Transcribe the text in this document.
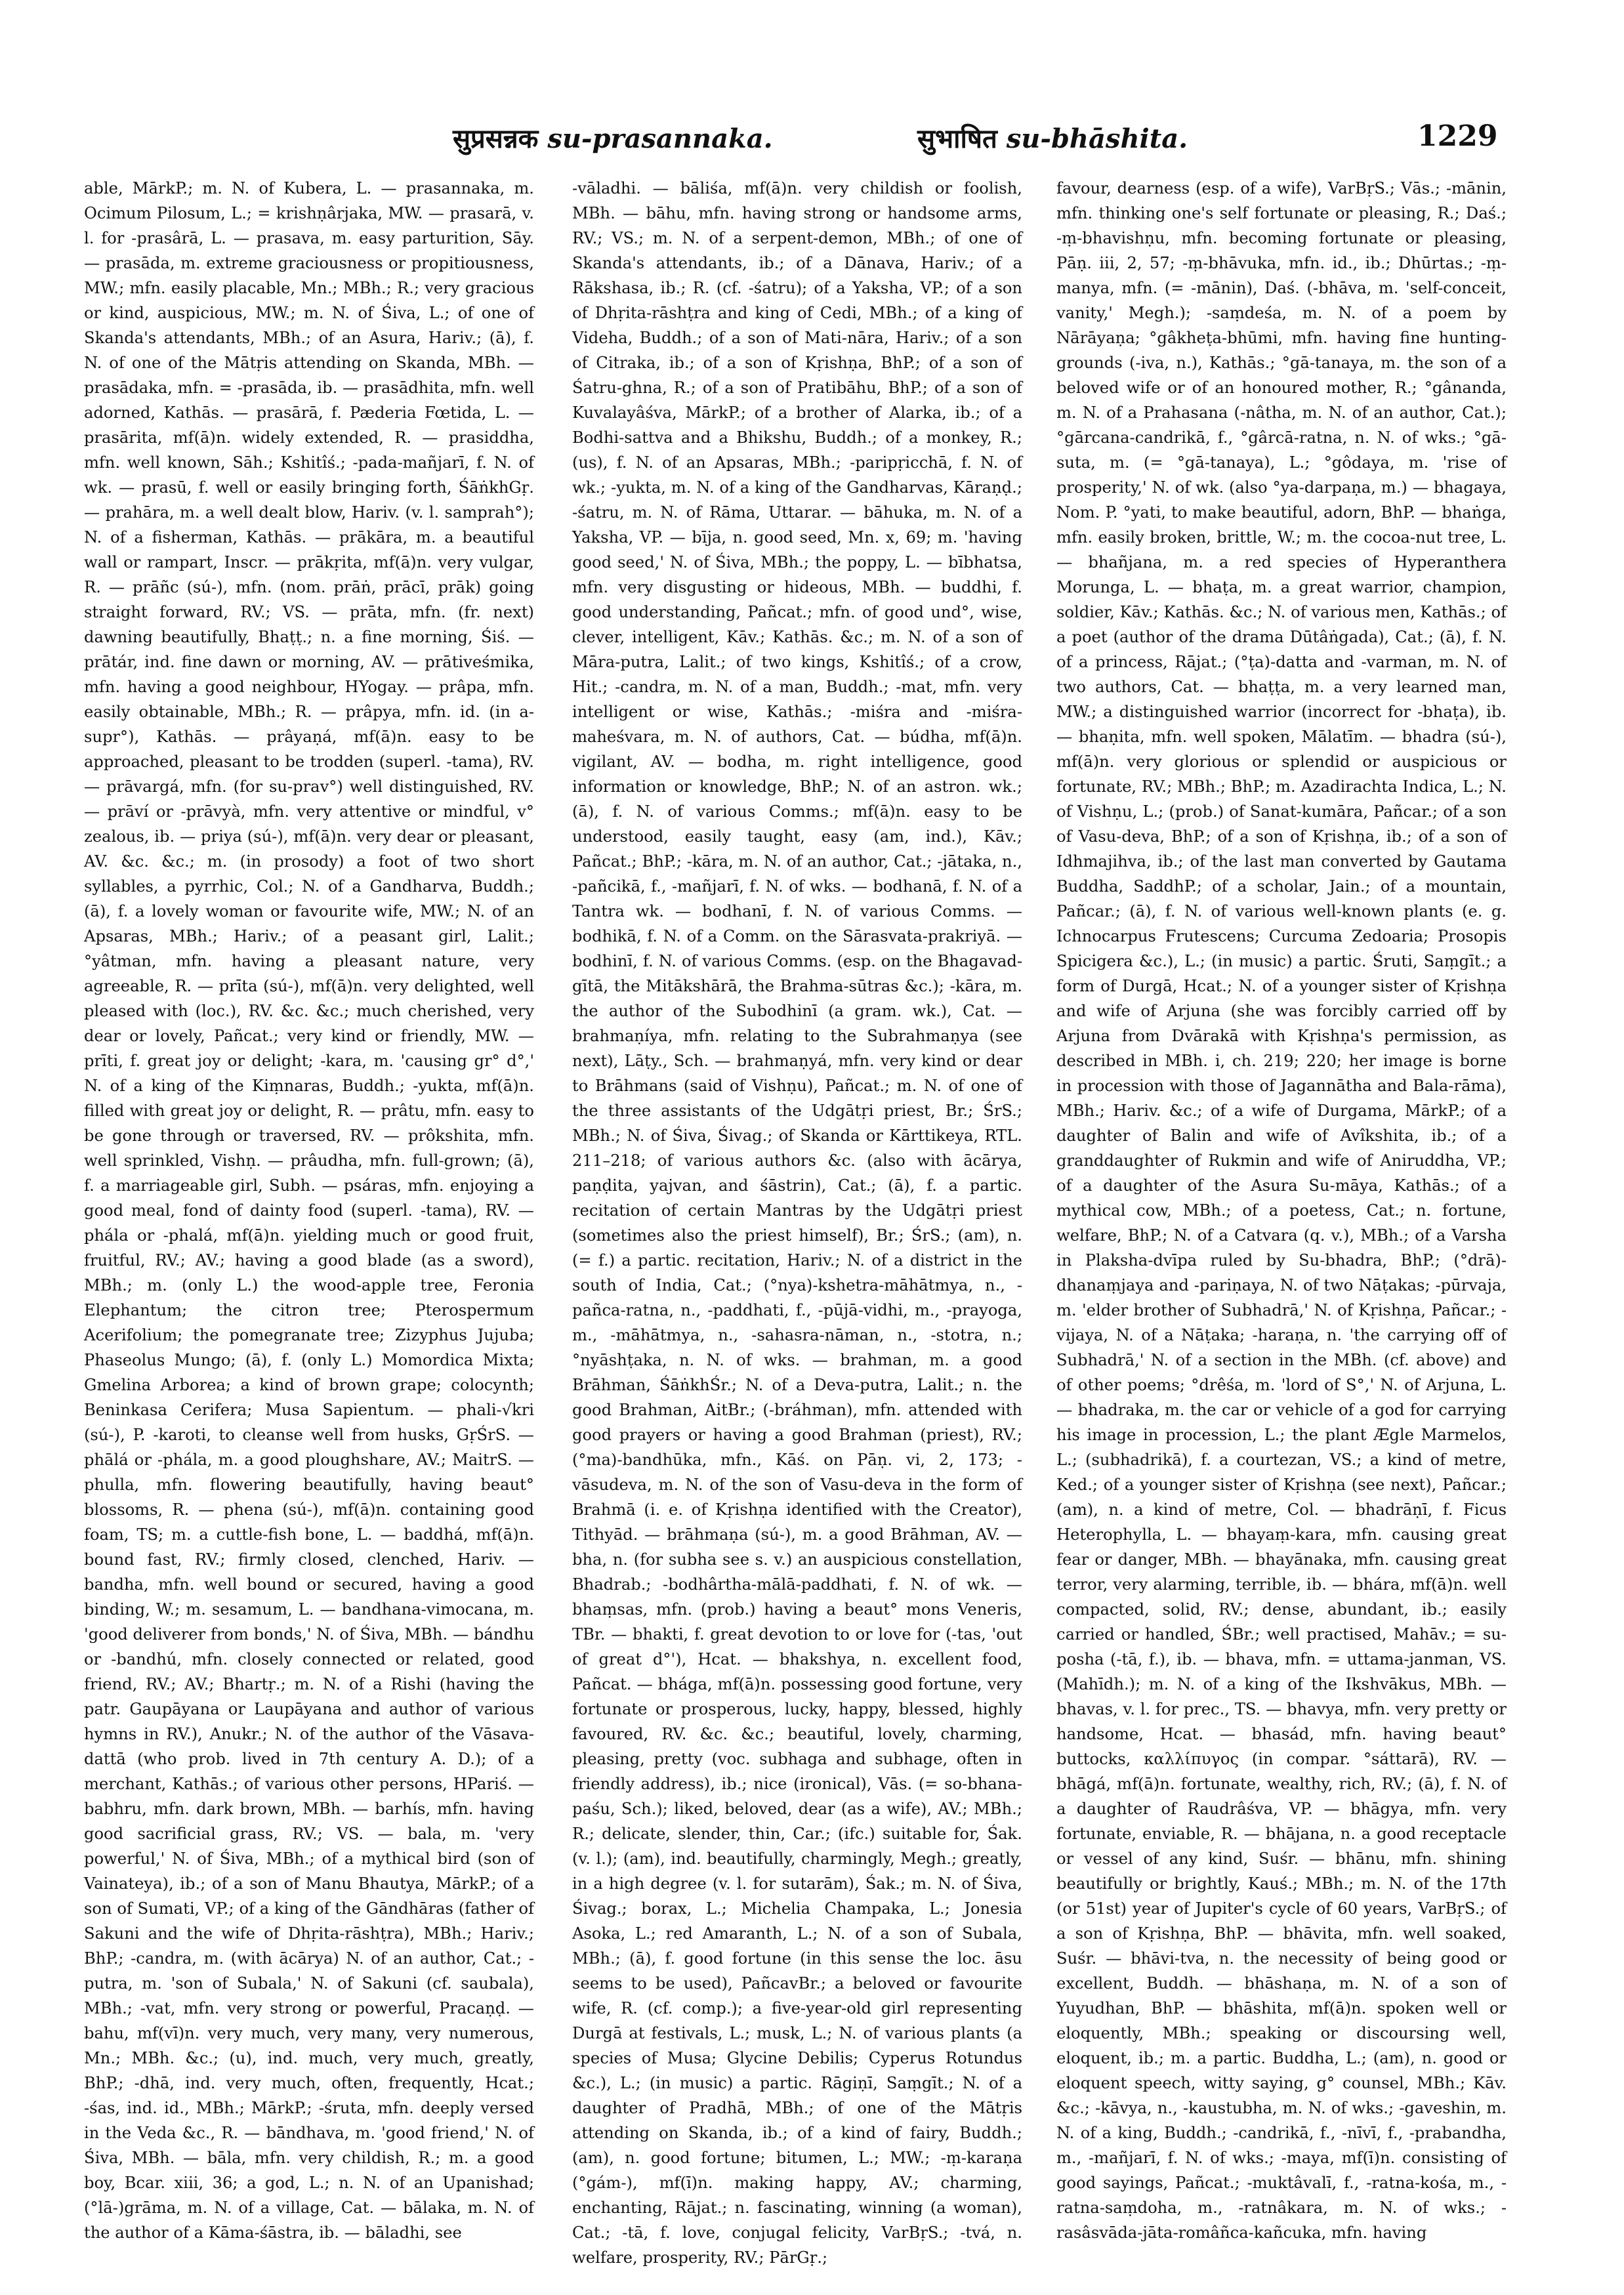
सुप्रसन्नक su-prasannaka.	सुभाषित su-bhāshita.	1229

able, MārkP.; m. N. of Kubera, L. — prasannaka, m. Ocimum Pilosum, L.; = krishṇârjaka, MW. — prasarā, v. l. for -prasârā, L. — prasava, m. easy parturition, Sāy. — prasāda, m. extreme graciousness or propitiousness, MW.; mfn. easily placable, Mn.; MBh.; R.; very gracious or kind, auspicious, MW.; m. N. of Śiva, L.; of one of Skanda's attendants, MBh.; of an Asura, Hariv.; (ā), f. N. of one of the Mātṛis attending on Skanda, MBh. — prasādaka, mfn. = -prasāda, ib. — prasādhita, mfn. well adorned, Kathās. — prasārā, f. Pæderia Fœtida, L. — prasārita, mf(ā)n. widely extended, R. — prasiddha, mfn. well known, Sāh.; Kshitîś.; -pada-mañjarī, f. N. of wk. — prasū, f. well or easily bringing forth, ŚāṅkhGṛ. — prahāra, m. a well dealt blow, Hariv. (v. l. samprah°); N. of a fisherman, Kathās. — prākāra, m. a beautiful wall or rampart, Inscr. — prākṛita, mf(ā)n. very vulgar, R. — prāñc (sú-), mfn. (nom. prāṅ, prācī, prāk) going straight forward, RV.; VS. — prāta, mfn. (fr. next) dawning beautifully, Bhaṭṭ.; n. a fine morning, Śiś. — prātár, ind. fine dawn or morning, AV. — prātiveśmika, mfn. having a good neighbour, HYogay. — prâpa, mfn. easily obtainable, MBh.; R. — prâpya, mfn. id. (in a-supr°), Kathās. — prâyaṇá, mf(ā)n. easy to be approached, pleasant to be trodden (superl. -tama), RV. — prāvargá, mfn. (for su-prav°) well distinguished, RV. — prāví or -prāvyà, mfn. very attentive or mindful, v° zealous, ib. — priya (sú-), mf(ā)n. very dear or pleasant, AV. &c. &c.; m. (in prosody) a foot of two short syllables, a pyrrhic, Col.; N. of a Gandharva, Buddh.; (ā), f. a lovely woman or favourite wife, MW.; N. of an Apsaras, MBh.; Hariv.; of a peasant girl, Lalit.; °yâtman, mfn. having a pleasant nature, very agreeable, R. — prīta (sú-), mf(ā)n. very delighted, well pleased with (loc.), RV. &c. &c.; much cherished, very dear or lovely, Pañcat.; very kind or friendly, MW. — prīti, f. great joy or delight; -kara, m. 'causing gr° d°,' N. of a king of the Kiṃnaras, Buddh.; -yukta, mf(ā)n. filled with great joy or delight, R. — prâtu, mfn. easy to be gone through or traversed, RV. — prôkshita, mfn. well sprinkled, Vishṇ. — prâudha, mfn. full-grown; (ā), f. a marriageable girl, Subh. — psáras, mfn. enjoying a good meal, fond of dainty food (superl. -tama), RV. — phála or -phalá, mf(ā)n. yielding much or good fruit, fruitful, RV.; AV.; having a good blade (as a sword), MBh.; m. (only L.) the wood-apple tree, Feronia Elephantum; the citron tree; Pterospermum Acerifolium; the pomegranate tree; Zizyphus Jujuba; Phaseolus Mungo; (ā), f. (only L.) Momordica Mixta; Gmelina Arborea; a kind of brown grape; colocynth; Beninkasa Cerifera; Musa Sapientum. — phali-√kri (sú-), P. -karoti, to cleanse well from husks, GṛŚrS. — phālá or -phála, m. a good ploughshare, AV.; MaitrS. — phulla, mfn. flowering beautifully, having beaut° blossoms, R. — phena (sú-), mf(ā)n. containing good foam, TS; m. a cuttle-fish bone, L. — baddhá, mf(ā)n. bound fast, RV.; firmly closed, clenched, Hariv. — bandha, mfn. well bound or secured, having a good binding, W.; m. sesamum, L. — bandhana-vimocana, m. 'good deliverer from bonds,' N. of Śiva, MBh. — bándhu or -bandhú, mfn. closely connected or related, good friend, RV.; AV.; Bhartṛ.; m. N. of a Rishi (having the patr. Gaupāyana or Laupāyana and author of various hymns in RV.), Anukr.; N. of the author of the Vāsava-dattā (who prob. lived in 7th century A. D.); of a merchant, Kathās.; of various other persons, HPariś. — babhru, mfn. dark brown, MBh. — barhís, mfn. having good sacrificial grass, RV.; VS. — bala, m. 'very powerful,' N. of Śiva, MBh.; of a mythical bird (son of Vainateya), ib.; of a son of Manu Bhautya, MārkP.; of a son of Sumati, VP.; of a king of the Gāndhāras (father of Sakuni and the wife of Dhṛita-rāshṭra), MBh.; Hariv.; BhP.; -candra, m. (with ācārya) N. of an author, Cat.; -putra, m. 'son of Subala,' N. of Sakuni (cf. saubala), MBh.; -vat, mfn. very strong or powerful, Pracaṇḍ. — bahu, mf(vī)n. very much, very many, very numerous, Mn.; MBh. &c.; (u), ind. much, very much, greatly, BhP.; -dhā, ind. very much, often, frequently, Hcat.; -śas, ind. id., MBh.; MārkP.; -śruta, mfn. deeply versed in the Veda &c., R. — bāndhava, m. 'good friend,' N. of Śiva, MBh. — bāla, mfn. very childish, R.; m. a good boy, Bcar. xiii, 36; a god, L.; n. N. of an Upanishad; (°lā-)grāma, m. N. of a village, Cat. — bālaka, m. N. of the author of a Kāma-śāstra, ib. — bāladhi, see

-vāladhi. — bāliśa, mf(ā)n. very childish or foolish, MBh. — bāhu, mfn. having strong or handsome arms, RV.; VS.; m. N. of a serpent-demon, MBh.; of one of Skanda's attendants, ib.; of a Dānava, Hariv.; of a Rākshasa, ib.; R. (cf. -śatru); of a Yaksha, VP.; of a son of Dhṛita-rāshṭra and king of Cedi, MBh.; of a king of Videha, Buddh.; of a son of Mati-nāra, Hariv.; of a son of Citraka, ib.; of a son of Kṛishṇa, BhP.; of a son of Śatru-ghna, R.; of a son of Pratibāhu, BhP.; of a son of Kuvalayâśva, MārkP.; of a brother of Alarka, ib.; of a Bodhi-sattva and a Bhikshu, Buddh.; of a monkey, R.; (us), f. N. of an Apsaras, MBh.; -paripṛicchā, f. N. of wk.; -yukta, m. N. of a king of the Gandharvas, Kāraṇḍ.; -śatru, m. N. of Rāma, Uttarar. — bāhuka, m. N. of a Yaksha, VP. — bīja, n. good seed, Mn. x, 69; m. 'having good seed,' N. of Śiva, MBh.; the poppy, L. — bībhatsa, mfn. very disgusting or hideous, MBh. — buddhi, f. good understanding, Pañcat.; mfn. of good und°, wise, clever, intelligent, Kāv.; Kathās. &c.; m. N. of a son of Māra-putra, Lalit.; of two kings, Kshitîś.; of a crow, Hit.; -candra, m. N. of a man, Buddh.; -mat, mfn. very intelligent or wise, Kathās.; -miśra and -miśra-maheśvara, m. N. of authors, Cat. — búdha, mf(ā)n. vigilant, AV. — bodha, m. right intelligence, good information or knowledge, BhP.; N. of an astron. wk.; (ā), f. N. of various Comms.; mf(ā)n. easy to be understood, easily taught, easy (am, ind.), Kāv.; Pañcat.; BhP.; -kāra, m. N. of an author, Cat.; -jātaka, n., -pañcikā, f., -mañjarī, f. N. of wks. — bodhanā, f. N. of a Tantra wk. — bodhanī, f. N. of various Comms. — bodhikā, f. N. of a Comm. on the Sārasvata-prakriyā. — bodhinī, f. N. of various Comms. (esp. on the Bhagavad-gītā, the Mitākshārā, the Brahma-sūtras &c.); -kāra, m. the author of the Subodhinī (a gram. wk.), Cat. — brahmaṇíya, mfn. relating to the Subrahmaṇya (see next), Lāṭy., Sch. — brahmaṇyá, mfn. very kind or dear to Brāhmans (said of Vishṇu), Pañcat.; m. N. of one of the three assistants of the Udgātṛi priest, Br.; ŚrS.; MBh.; N. of Śiva, Śivag.; of Skanda or Kārttikeya, RTL. 211–218; of various authors &c. (also with ācārya, paṇḍita, yajvan, and śāstrin), Cat.; (ā), f. a partic. recitation of certain Mantras by the Udgātṛi priest (sometimes also the priest himself), Br.; ŚrS.; (am), n. (= f.) a partic. recitation, Hariv.; N. of a district in the south of India, Cat.; (°nya)-kshetra-māhātmya, n., -pañca-ratna, n., -paddhati, f., -pūjā-vidhi, m., -prayoga, m., -māhātmya, n., -sahasra-nāman, n., -stotra, n.; °nyāshṭaka, n. N. of wks. — brahman, m. a good Brāhman, ŚāṅkhŚr.; N. of a Deva-putra, Lalit.; n. the good Brahman, AitBr.; (-bráhman), mfn. attended with good prayers or having a good Brahman (priest), RV.; (°ma)-bandhūka, mfn., Kāś. on Pāṇ. vi, 2, 173; -vāsudeva, m. N. of the son of Vasu-deva in the form of Brahmā (i. e. of Kṛishṇa identified with the Creator), Tithyād. — brāhmaṇa (sú-), m. a good Brāhman, AV. — bha, n. (for subha see s. v.) an auspicious constellation, Bhadrab.; -bodhârtha-mālā-paddhati, f. N. of wk. — bhaṃsas, mfn. (prob.) having a beaut° mons Veneris, TBr. — bhakti, f. great devotion to or love for (-tas, 'out of great d°'), Hcat. — bhakshya, n. excellent food, Pañcat. — bhága, mf(ā)n. possessing good fortune, very fortunate or prosperous, lucky, happy, blessed, highly favoured, RV. &c. &c.; beautiful, lovely, charming, pleasing, pretty (voc. subhaga and subhage, often in friendly address), ib.; nice (ironical), Vās. (= so-bhana-paśu, Sch.); liked, beloved, dear (as a wife), AV.; MBh.; R.; delicate, slender, thin, Car.; (ifc.) suitable for, Śak. (v. l.); (am), ind. beautifully, charmingly, Megh.; greatly, in a high degree (v. l. for sutarām), Śak.; m. N. of Śiva, Śivag.; borax, L.; Michelia Champaka, L.; Jonesia Asoka, L.; red Amaranth, L.; N. of a son of Subala, MBh.; (ā), f. good fortune (in this sense the loc. āsu seems to be used), PañcavBr.; a beloved or favourite wife, R. (cf. comp.); a five-year-old girl representing Durgā at festivals, L.; musk, L.; N. of various plants (a species of Musa; Glycine Debilis; Cyperus Rotundus &c.), L.; (in music) a partic. Rāgiṇī, Saṃgīt.; N. of a daughter of Pradhā, MBh.; of one of the Mātṛis attending on Skanda, ib.; of a kind of fairy, Buddh.; (am), n. good fortune; bitumen, L.; MW.; -ṃ-karaṇa (°gám-), mf(ī)n. making happy, AV.; charming, enchanting, Rājat.; n. fascinating, winning (a woman), Cat.; -tā, f. love, conjugal felicity, VarBṛS.; -tvá, n. welfare, prosperity, RV.; PārGṛ.;

favour, dearness (esp. of a wife), VarBṛS.; Vās.; -mānin, mfn. thinking one's self fortunate or pleasing, R.; Daś.; -ṃ-bhavishṇu, mfn. becoming fortunate or pleasing, Pāṇ. iii, 2, 57; -ṃ-bhāvuka, mfn. id., ib.; Dhūrtas.; -ṃ-manya, mfn. (= -mānin), Daś. (-bhāva, m. 'self-conceit, vanity,' Megh.); -saṃdeśa, m. N. of a poem by Nārāyaṇa; °gâkheṭa-bhūmi, mfn. having fine hunting-grounds (-iva, n.), Kathās.; °gā-tanaya, m. the son of a beloved wife or of an honoured mother, R.; °gânanda, m. N. of a Prahasana (-nâtha, m. N. of an author, Cat.); °gārcana-candrikā, f., °gârcā-ratna, n. N. of wks.; °gā-suta, m. (= °gā-tanaya), L.; °gôdaya, m. 'rise of prosperity,' N. of wk. (also °ya-darpaṇa, m.) — bhagaya, Nom. P. °yati, to make beautiful, adorn, BhP. — bhaṅga, mfn. easily broken, brittle, W.; m. the cocoa-nut tree, L. — bhañjana, m. a red species of Hyperanthera Morunga, L. — bhaṭa, m. a great warrior, champion, soldier, Kāv.; Kathās. &c.; N. of various men, Kathās.; of a poet (author of the drama Dūtâṅgada), Cat.; (ā), f. N. of a princess, Rājat.; (°ṭa)-datta and -varman, m. N. of two authors, Cat. — bhaṭṭa, m. a very learned man, MW.; a distinguished warrior (incorrect for -bhaṭa), ib. — bhaṇita, mfn. well spoken, Mālatīm. — bhadra (sú-), mf(ā)n. very glorious or splendid or auspicious or fortunate, RV.; MBh.; BhP.; m. Azadirachta Indica, L.; N. of Vishṇu, L.; (prob.) of Sanat-kumāra, Pañcar.; of a son of Vasu-deva, BhP.; of a son of Kṛishṇa, ib.; of a son of Idhmajihva, ib.; of the last man converted by Gautama Buddha, SaddhP.; of a scholar, Jain.; of a mountain, Pañcar.; (ā), f. N. of various well-known plants (e. g. Ichnocarpus Frutescens; Curcuma Zedoaria; Prosopis Spicigera &c.), L.; (in music) a partic. Śruti, Saṃgīt.; a form of Durgā, Hcat.; N. of a younger sister of Kṛishṇa and wife of Arjuna (she was forcibly carried off by Arjuna from Dvārakā with Kṛishṇa's permission, as described in MBh. i, ch. 219; 220; her image is borne in procession with those of Jagannātha and Bala-rāma), MBh.; Hariv. &c.; of a wife of Durgama, MārkP.; of a daughter of Balin and wife of Avîkshita, ib.; of a granddaughter of Rukmin and wife of Aniruddha, VP.; of a daughter of the Asura Su-māya, Kathās.; of a mythical cow, MBh.; of a poetess, Cat.; n. fortune, welfare, BhP.; N. of a Catvara (q. v.), MBh.; of a Varsha in Plaksha-dvīpa ruled by Su-bhadra, BhP.; (°drā)-dhanaṃjaya and -pariṇaya, N. of two Nāṭakas; -pūrvaja, m. 'elder brother of Subhadrā,' N. of Kṛishṇa, Pañcar.; -vijaya, N. of a Nāṭaka; -haraṇa, n. 'the carrying off of Subhadrā,' N. of a section in the MBh. (cf. above) and of other poems; °drêśa, m. 'lord of S°,' N. of Arjuna, L. — bhadraka, m. the car or vehicle of a god for carrying his image in procession, L.; the plant Ægle Marmelos, L.; (subhadrikā), f. a courtezan, VS.; a kind of metre, Ked.; of a younger sister of Kṛishṇa (see next), Pañcar.; (am), n. a kind of metre, Col. — bhadrāṇī, f. Ficus Heterophylla, L. — bhayaṃ-kara, mfn. causing great fear or danger, MBh. — bhayānaka, mfn. causing great terror, very alarming, terrible, ib. — bhára, mf(ā)n. well compacted, solid, RV.; dense, abundant, ib.; easily carried or handled, ŚBr.; well practised, Mahāv.; = su-posha (-tā, f.), ib. — bhava, mfn. = uttama-janman, VS. (Mahīdh.); m. N. of a king of the Ikshvākus, MBh. — bhavas, v. l. for prec., TS. — bhavya, mfn. very pretty or handsome, Hcat. — bhasád, mfn. having beaut° buttocks, καλλίπυγος (in compar. °sáttarā), RV. — bhāgá, mf(ā)n. fortunate, wealthy, rich, RV.; (ā), f. N. of a daughter of Raudrâśva, VP. — bhāgya, mfn. very fortunate, enviable, R. — bhājana, n. a good receptacle or vessel of any kind, Suśr. — bhānu, mfn. shining beautifully or brightly, Kauś.; MBh.; m. N. of the 17th (or 51st) year of Jupiter's cycle of 60 years, VarBṛS.; of a son of Kṛishṇa, BhP. — bhāvita, mfn. well soaked, Suśr. — bhāvi-tva, n. the necessity of being good or excellent, Buddh. — bhāshaṇa, m. N. of a son of Yuyudhan, BhP. — bhāshita, mf(ā)n. spoken well or eloquently, MBh.; speaking or discoursing well, eloquent, ib.; m. a partic. Buddha, L.; (am), n. good or eloquent speech, witty saying, g° counsel, MBh.; Kāv. &c.; -kāvya, n., -kaustubha, m. N. of wks.; -gaveshin, m. N. of a king, Buddh.; -candrikā, f., -nīvī, f., -prabandha, m., -mañjarī, f. N. of wks.; -maya, mf(ī)n. consisting of good sayings, Pañcat.; -muktâvalī, f., -ratna-kośa, m., -ratna-saṃdoha, m., -ratnâkara, m. N. of wks.; -rasâsvāda-jāta-româñca-kañcuka, mfn. having
